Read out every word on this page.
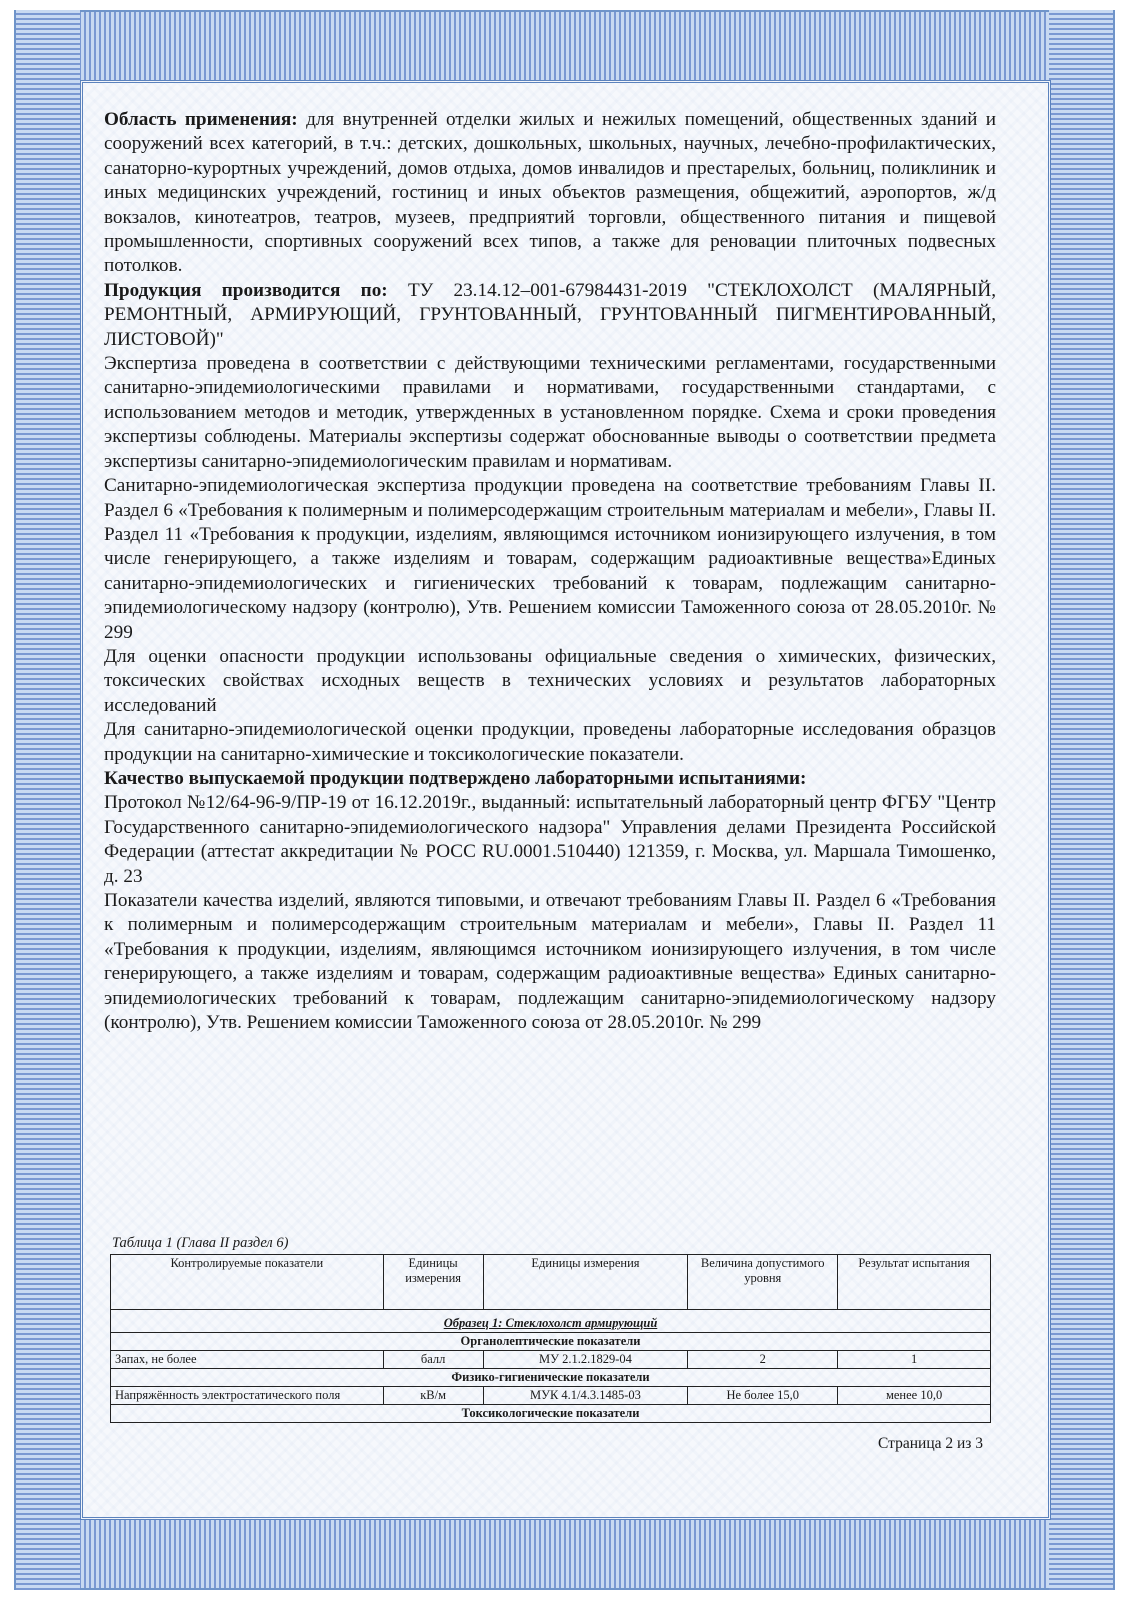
Область применения: для внутренней отделки жилых и нежилых помещений, общественных зданий и сооружений всех категорий, в т.ч.: детских, дошкольных, школьных, научных, лечебно-профилактических, санаторно-курортных учреждений, домов отдыха, домов инвалидов и престарелых, больниц, поликлиник и иных медицинских учреждений, гостиниц и иных объектов размещения, общежитий, аэропортов, ж/д вокзалов, кинотеатров, театров, музеев, предприятий торговли, общественного питания и пищевой промышленности, спортивных сооружений всех типов, а также для реновации плиточных подвесных потолков.

Продукция производится по: ТУ 23.14.12–001-67984431-2019 "СТЕКЛОХОЛСТ (МАЛЯРНЫЙ, РЕМОНТНЫЙ, АРМИРУЮЩИЙ, ГРУНТОВАННЫЙ, ГРУНТОВАННЫЙ ПИГМЕНТИРОВАННЫЙ, ЛИСТОВОЙ)"

Экспертиза проведена в соответствии с действующими техническими регламентами, государственными санитарно-эпидемиологическими правилами и нормативами, государственными стандартами, с использованием методов и методик, утвержденных в установленном порядке. Схема и сроки проведения экспертизы соблюдены. Материалы экспертизы содержат обоснованные выводы о соответствии предмета экспертизы санитарно-эпидемиологическим правилам и нормативам.

Санитарно-эпидемиологическая экспертиза продукции проведена на соответствие требованиям Главы II. Раздел 6 «Требования к полимерным и полимерсодержащим строительным материалам и мебели», Главы II. Раздел 11 «Требования к продукции, изделиям, являющимся источником ионизирующего излучения, в том числе генерирующего, а также изделиям и товарам, содержащим радиоактивные вещества»Единых санитарно-эпидемиологических и гигиенических требований к товарам, подлежащим санитарно-эпидемиологическому надзору (контролю), Утв. Решением комиссии Таможенного союза от 28.05.2010г. № 299

Для оценки опасности продукции использованы официальные сведения о химических, физических, токсических свойствах исходных веществ в технических условиях и результатов лабораторных исследований

Для санитарно-эпидемиологической оценки продукции, проведены лабораторные исследования образцов продукции на санитарно-химические и токсикологические показатели.

Качество выпускаемой продукции подтверждено лабораторными испытаниями:

Протокол №12/64-96-9/ПР-19 от 16.12.2019г., выданный: испытательный лабораторный центр ФГБУ "Центр Государственного санитарно-эпидемиологического надзора" Управления делами Президента Российской Федерации (аттестат аккредитации № РОСС RU.0001.510440) 121359, г. Москва, ул. Маршала Тимошенко, д. 23

Показатели качества изделий, являются типовыми, и отвечают требованиям Главы II. Раздел 6 «Требования к полимерным и полимерсодержащим строительным материалам и мебели», Главы II. Раздел 11 «Требования к продукции, изделиям, являющимся источником ионизирующего излучения, в том числе генерирующего, а также изделиям и товарам, содержащим радиоактивные вещества» Единых санитарно-эпидемиологических требований к товарам, подлежащим санитарно-эпидемиологическому надзору (контролю), Утв. Решением комиссии Таможенного союза от 28.05.2010г. № 299

Таблица 1 (Глава II раздел 6)
Контролируемые показатели	Единицы измерения	Единицы измерения	Величина допустимого уровня	Результат испытания
Образец 1: Стеклохолст армирующий				
Органолептические показатели				
Запах, не более	балл	МУ 2.1.2.1829-04	2	1
Физико-гигиенические показатели				
Напряжённость электростатического поля	кВ/м	МУК 4.1/4.3.1485-03	Не более 15,0	менее 10,0
Токсикологические показатели				
Страница 2 из 3
